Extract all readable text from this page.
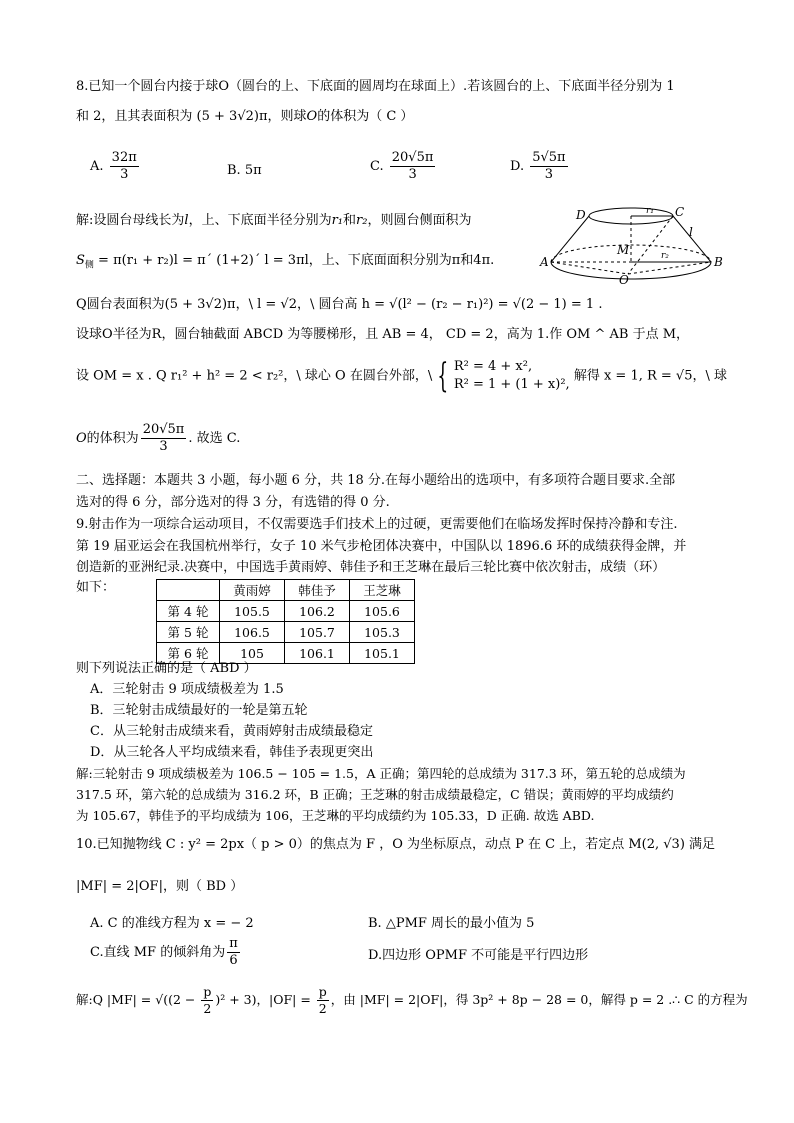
8.已知一个圆台内接于球O（圆台的上、下底面的圆周均在球面上）.若该圆台的上、下底面半径分别为 1
和 2，且其表面积为 (5 + 3√2)π，则球O的体积为（ C ）
A. $\frac{32\pi}{3}$	B. 5π	C. $\frac{20√5\pi}{3}$	D. $\frac{5√5\pi}{3}$
解:设圆台母线长为l，上、下底面半径分别为r₁和r₂，则圆台侧面积为
$S_侧 = \pi(r_1 + r_2)l$ = π´ (1+2)´ l = 3πl，上、下底面面积分别为π和4π.
D	C
r₁
l
M	r₂
A
O
B
Q圆台表面积为(5 + 3√2)π，\ l = √2，\ 圆台高 h = √(l² − (r₂ − r₁)²) = √(2 − 1) = 1 .
设球O半径为R，圆台轴截面 ABCD 为等腰梯形，且 AB = 4， CD = 2，高为 1.作 OM ^ AB 于点 M，
设 OM = x . Q r₁² + h² = 2 < r₂²，\ 球心 O 在圆台外部，\ { R² = 4 + x²,
R² = 1 + (1 + x)²,
解得 x = 1, R = √5，\ 球
O的体积为 $\frac{20√5\pi}{3}$ . 故选 C.
二、选择题：本题共 3 小题，每小题 6 分，共 18 分.在每小题给出的选项中，有多项符合题目要求.全部
选对的得 6 分，部分选对的得 3 分，有选错的得 0 分.
9.射击作为一项综合运动项目，不仅需要选手们技术上的过硬，更需要他们在临场发挥时保持冷静和专注.
第 19 届亚运会在我国杭州举行，女子 10 米气步枪团体决赛中，中国队以 1896.6 环的成绩获得金牌，并
创造新的亚洲纪录.决赛中，中国选手黄雨婷、韩佳予和王芝琳在最后三轮比赛中依次射击，成绩（环）
如下：
		黄雨婷	韩佳予	王芝琳
第 4 轮	105.5	106.2	105.6
第 5 轮	106.5	105.7	105.3
第 6 轮	105	106.1	105.1
则下列说法正确的是（ ABD ）
A．三轮射击 9 项成绩极差为 1.5
B．三轮射击成绩最好的一轮是第五轮
C．从三轮射击成绩来看，黄雨婷射击成绩最稳定
D．从三轮各人平均成绩来看，韩佳予表现更突出
解:三轮射击 9 项成绩极差为 106.5 − 105 = 1.5，A 正确；第四轮的总成绩为 317.3 环，第五轮的总成绩为
317.5 环，第六轮的总成绩为 316.2 环，B 正确；王芝琳的射击成绩最稳定，C 错误；黄雨婷的平均成绩约
为 105.67，韩佳予的平均成绩为 106，王芝琳的平均成绩约为 105.33，D 正确. 故选 ABD.
10.已知抛物线 C : y² = 2px（ p > 0）的焦点为 F ，O 为坐标原点，动点 P 在 C 上，若定点 M(2, √3) 满足
|MF| = 2|OF|，则（ BD ）
A. C 的准线方程为 x = − 2	B. △PMF 周长的最小值为 5
C.直线 MF 的倾斜角为 $\frac{\pi}{6}$	D.四边形 OPMF 不可能是平行四边形
解:Q $|MF| = √((2 - \frac{p}{2} )^2 + 3)$，$|OF| = \frac{p}{2}$ ，由 |MF| = 2|OF|，得 3p² + 8p − 28 = 0，解得 p = 2 .∴ C 的方程为
